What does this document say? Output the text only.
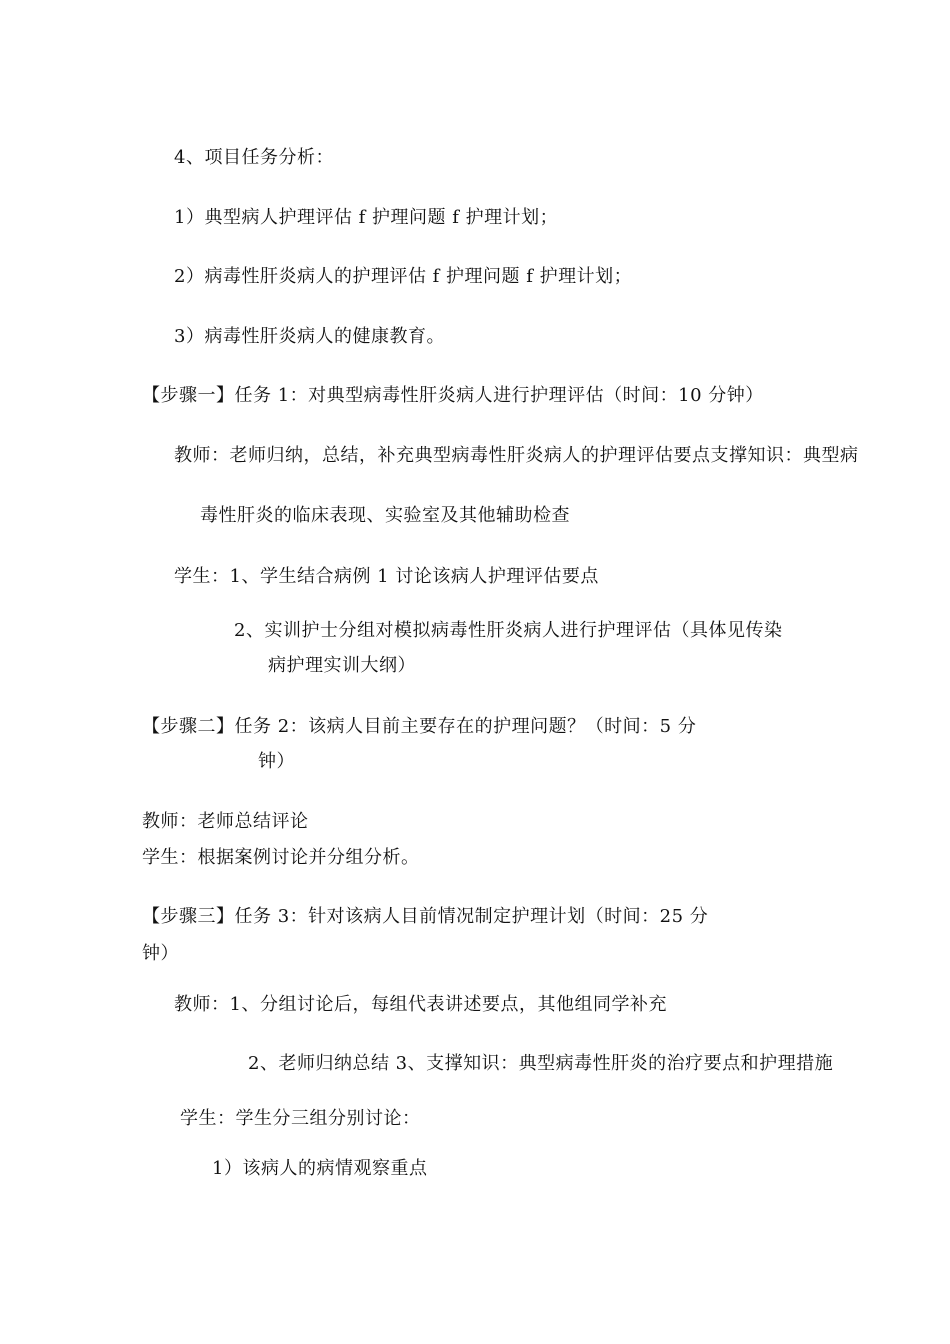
4、项目任务分析：
1）典型病人护理评估 f 护理问题 f 护理计划；
2）病毒性肝炎病人的护理评估 f 护理问题 f 护理计划；
3）病毒性肝炎病人的健康教育。
【步骤一】任务 1：对典型病毒性肝炎病人进行护理评估（时间：10 分钟）
教师：老师归纳，总结，补充典型病毒性肝炎病人的护理评估要点支撑知识：典型病
毒性肝炎的临床表现、实验室及其他辅助检查
学生：1、学生结合病例 1 讨论该病人护理评估要点
2、实训护士分组对模拟病毒性肝炎病人进行护理评估（具体见传染
病护理实训大纲）
【步骤二】任务 2：该病人目前主要存在的护理问题？（时间：5 分
钟）
教师：老师总结评论
学生：根据案例讨论并分组分析。
【步骤三】任务 3：针对该病人目前情况制定护理计划（时间：25 分
钟）
教师：1、分组讨论后，每组代表讲述要点，其他组同学补充
2、老师归纳总结 3、支撑知识：典型病毒性肝炎的治疗要点和护理措施
学生：学生分三组分别讨论：
1）该病人的病情观察重点
